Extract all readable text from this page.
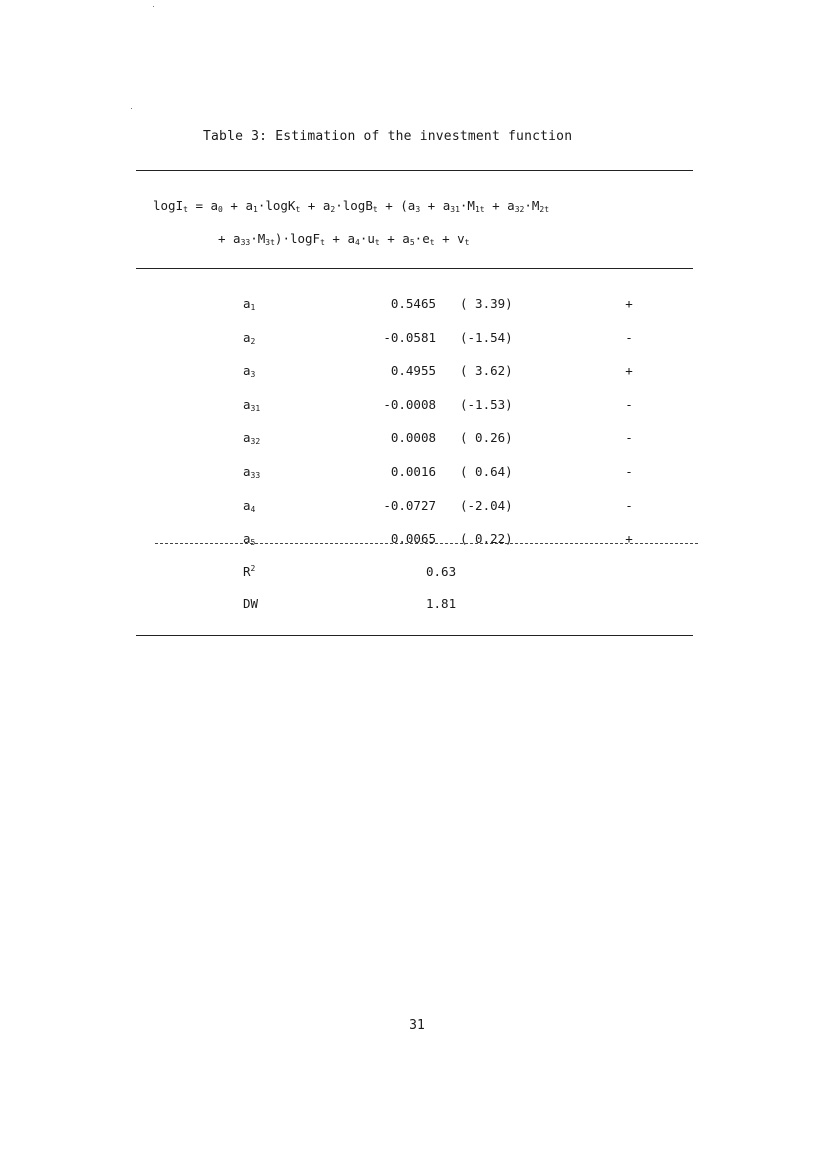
Table 3: Estimation of the investment function
$\log I_t = a_0 + a_1\cdot\log K_t + a_2\cdot\log B_t + (a_3 + a_{31}\cdot M_{1t} + a_{32}\cdot M_{2t}$
+ $a_{33}\cdot M_{3t})\cdot\log F_t + a_4\cdot u_t + a_5\cdot e_t + v_t$
$a_1$	0.5465 ( 3.39)	+
$a_2$	-0.0581 (-1.54)	-
$a_3$	0.4955 ( 3.62)	+
$a_{31}$	-0.0008 (-1.53)	-
$a_{32}$	0.0008 ( 0.26)	-
$a_{33}$	0.0016 ( 0.64)	-
$a_4$	-0.0727 (-2.04)	-
$a_5$	0.0065 ( 0.22)	+
$R^2$	0.63
DW	1.81
31
